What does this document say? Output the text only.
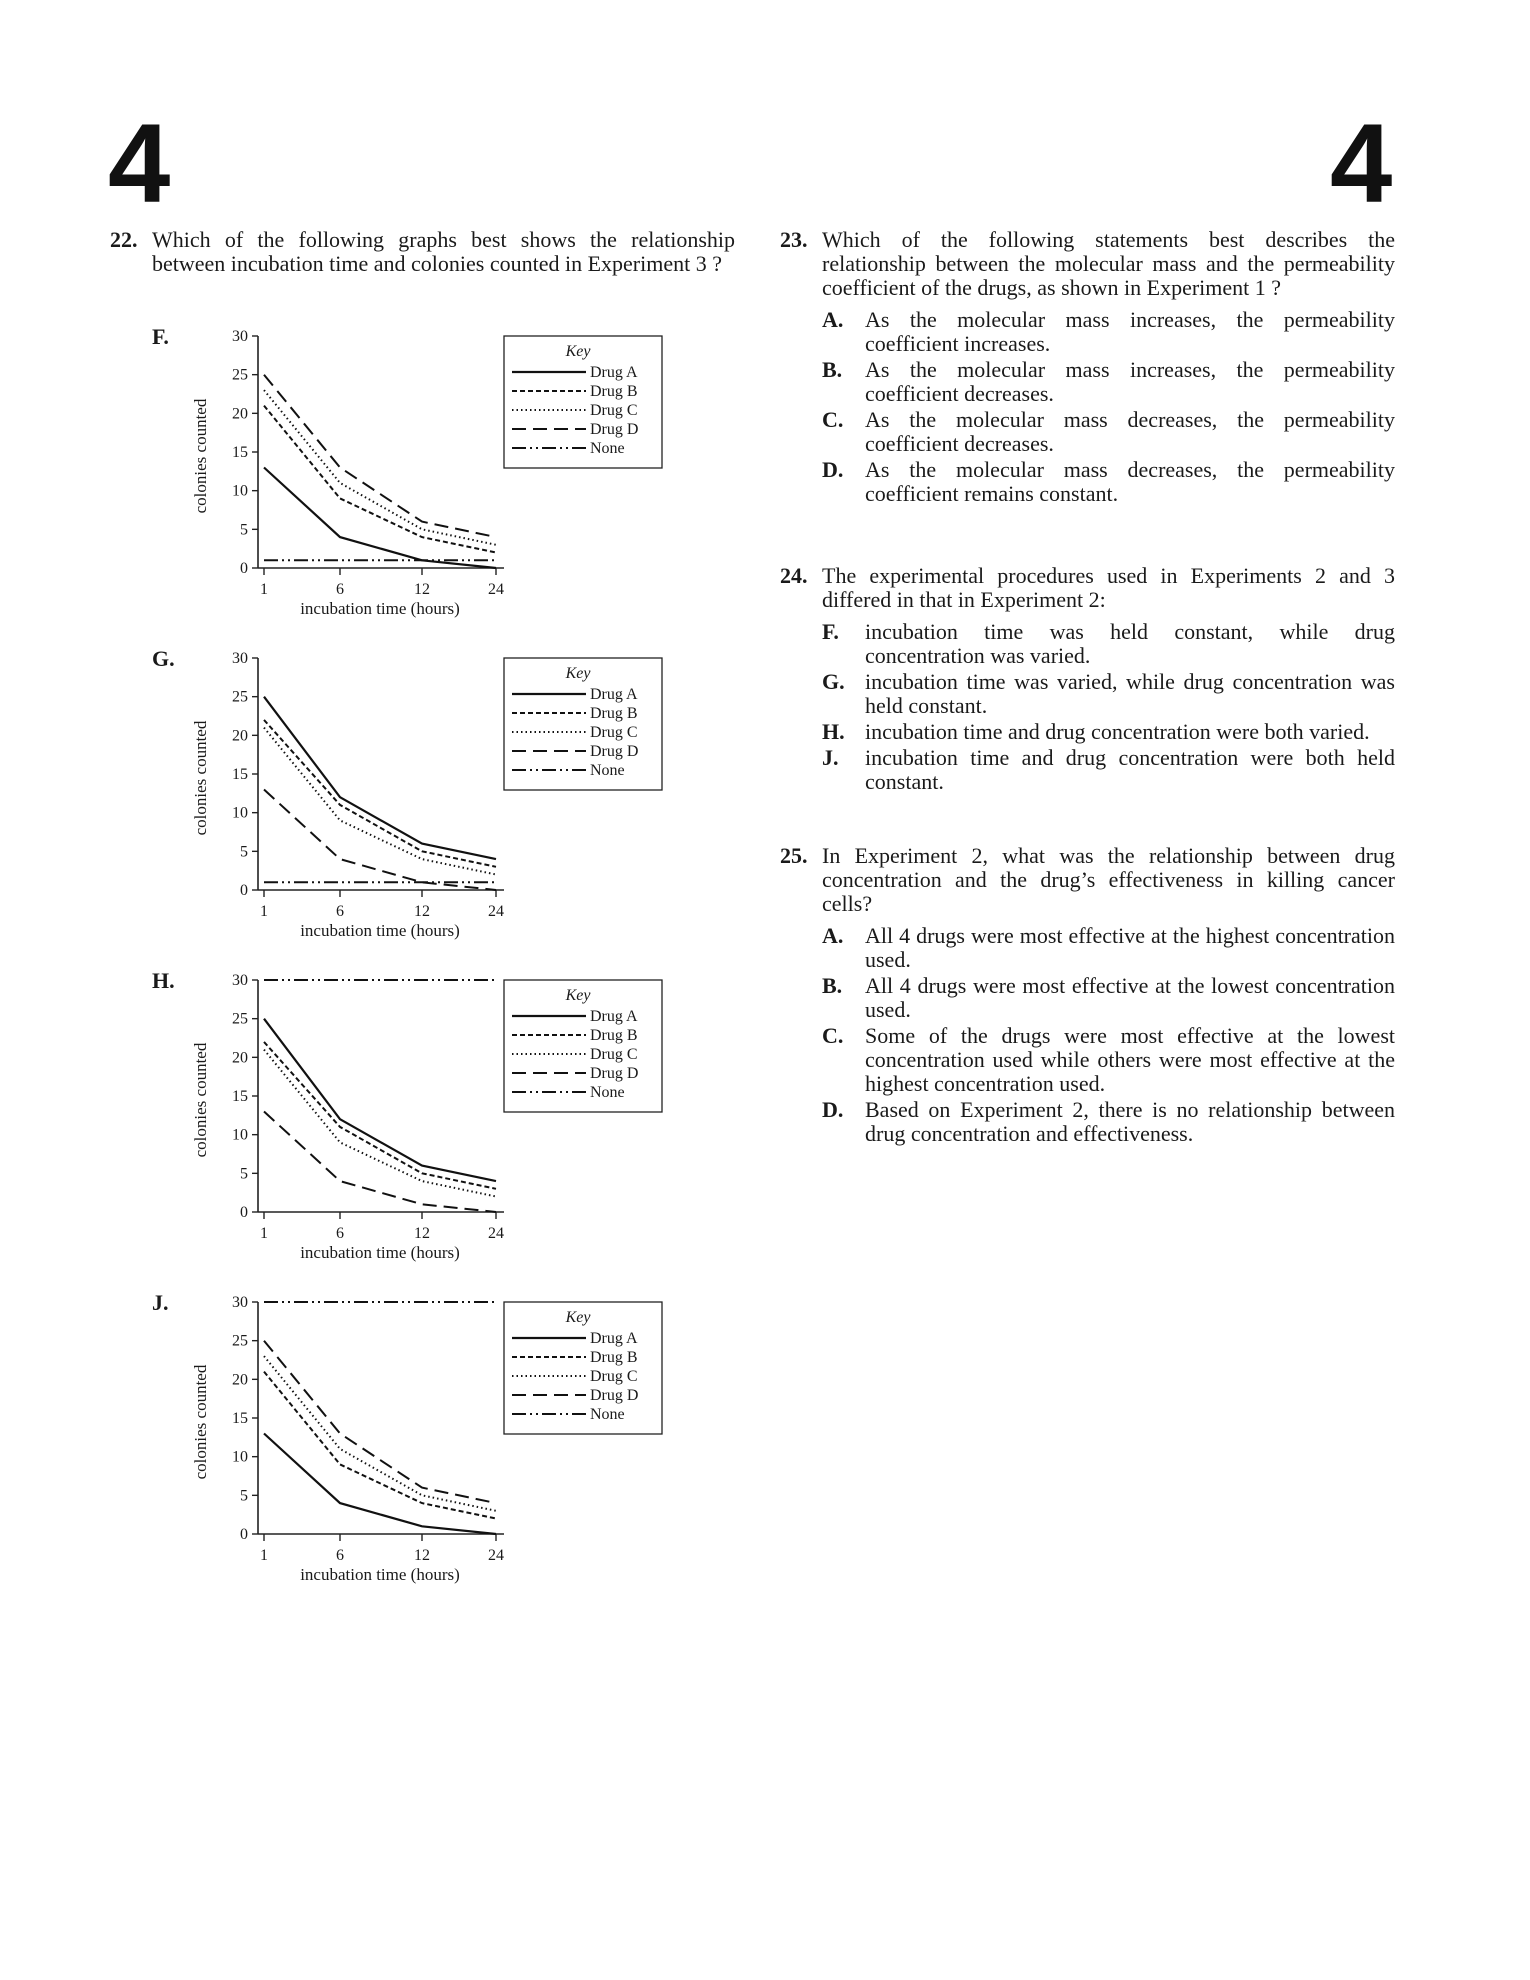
4	4
22. Which of the following graphs best shows the relationship between incubation time and colonies counted in Experiment 3 ?
F.
0
5
10
15
20
25
30
1	6	12	24
incubation time (hours)
colonies counted
Key
Drug A
Drug B
Drug C
Drug D
None
G.
0
5
10
15
20
25
30
1	6	12	24
incubation time (hours)
colonies counted
Key
Drug A
Drug B
Drug C
Drug D
None
H.
0
5
10
15
20
25
30
1	6	12	24
incubation time (hours)
colonies counted
Key
Drug A
Drug B
Drug C
Drug D
None
J.
0
5
10
15
20
25
30
1	6	12	24
incubation time (hours)
colonies counted
Key
Drug A
Drug B
Drug C
Drug D
None
23. Which of the following statements best describes the relationship between the molecular mass and the permeability coefficient of the drugs, as shown in Experiment 1 ?
A. As the molecular mass increases, the permeability coefficient increases.
B.	As the molecular mass increases, the permeability coefficient decreases.
C. As the molecular mass decreases, the permeability coefficient decreases.
D. As the molecular mass decreases, the permeability coefficient remains constant.
24. The experimental procedures used in Experiments 2 and 3 differed in that in Experiment 2:
F.	incubation time was held constant, while drug concentration was varied.
G. incubation time was varied, while drug concentration was held constant.
H. incubation time and drug concentration were both varied.
J.	incubation time and drug concentration were both held constant.
25. In Experiment 2, what was the relationship between drug concentration and the drug’s effectiveness in killing cancer cells?
A. All 4 drugs were most effective at the highest concentration used.
B.	All 4 drugs were most effective at the lowest concentration used.
C. Some of the drugs were most effective at the lowest concentration used while others were most effective at the highest concentration used.
D. Based on Experiment 2, there is no relationship between drug concentration and effectiveness.
